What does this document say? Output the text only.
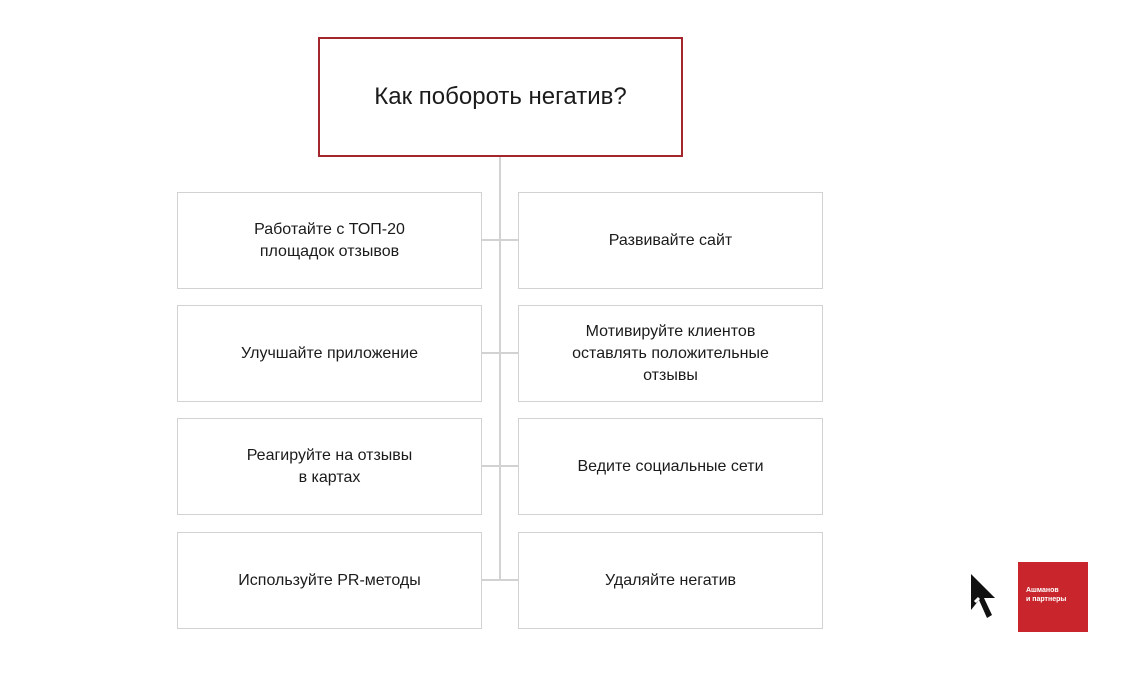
Как побороть негатив?
Работайте с ТОП-20
площадок отзывов
Улучшайте приложение
Реагируйте на отзывы
в картах
Используйте PR-методы
Развивайте сайт
Мотивируйте клиентов
оставлять положительные
отзывы
Ведите социальные сети
Удаляйте негатив
Ашманов
и партнеры
